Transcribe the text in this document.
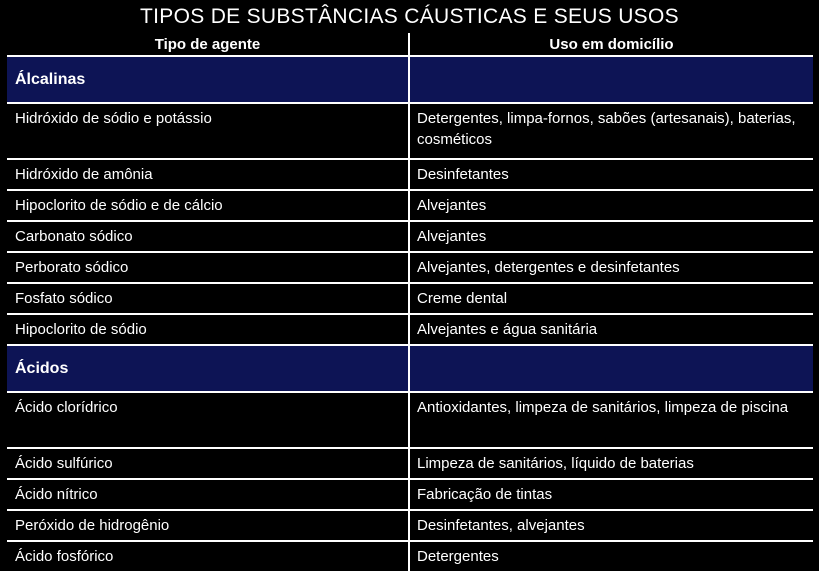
TIPOS DE SUBSTÂNCIAS CÁUSTICAS E SEUS USOS
Tipo de agente	Uso em domicílio
Álcalinas	
Hidróxido de sódio e potássio	Detergentes, limpa-fornos, sabões (artesanais), baterias, cosméticos
Hidróxido de amônia	Desinfetantes
Hipoclorito de sódio e de cálcio	Alvejantes
Carbonato sódico	Alvejantes
Perborato sódico	Alvejantes, detergentes e desinfetantes
Fosfato sódico	Creme dental
Hipoclorito de sódio	Alvejantes e água sanitária
Ácidos	
Ácido clorídrico	Antioxidantes, limpeza de sanitários, limpeza de piscina
Ácido sulfúrico	Limpeza de sanitários, líquido de baterias
Ácido nítrico	Fabricação de tintas
Peróxido de hidrogênio	Desinfetantes, alvejantes
Ácido fosfórico	Detergentes
